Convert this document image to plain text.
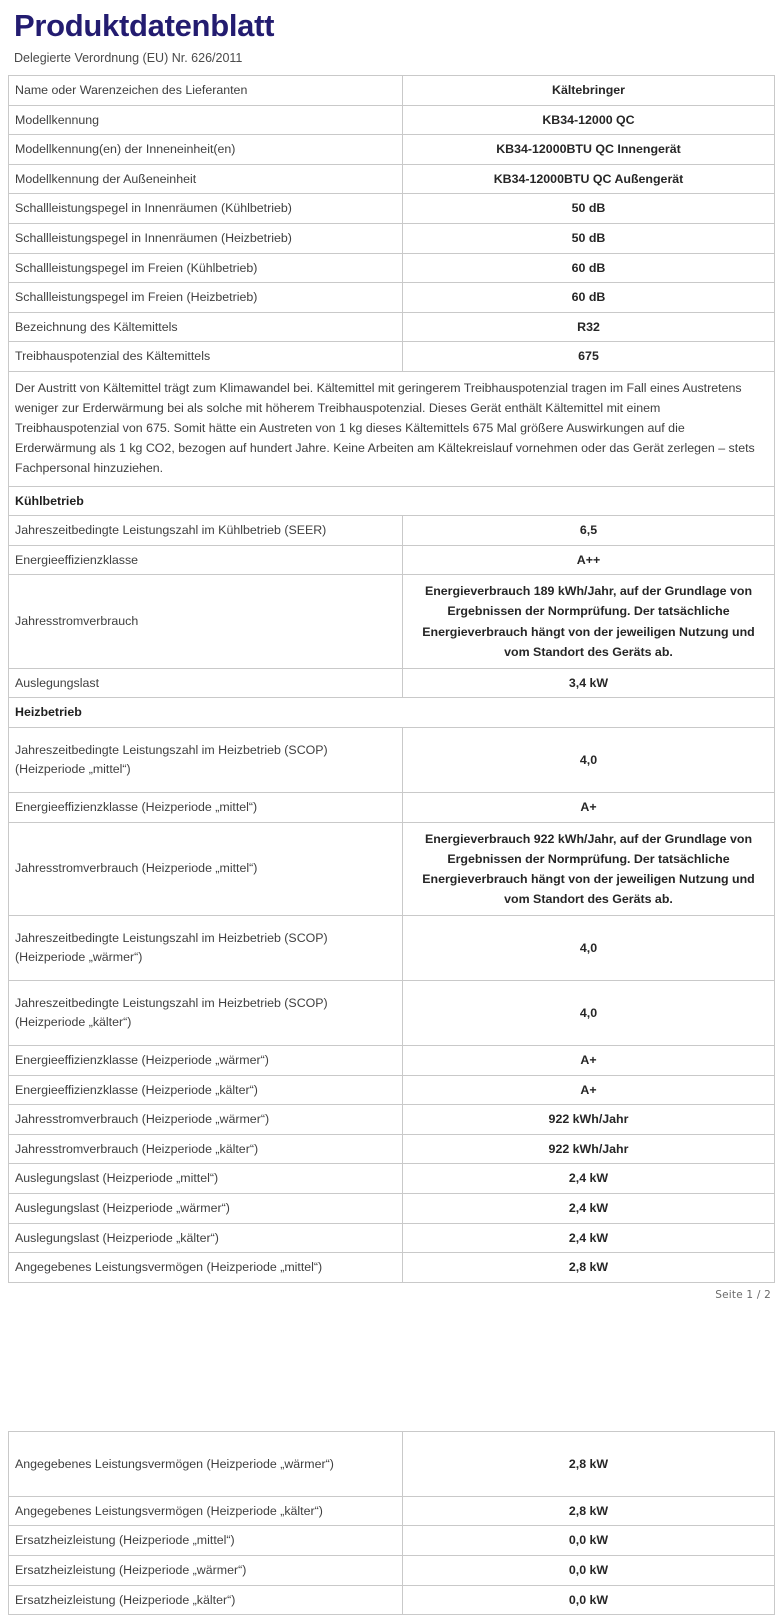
Produktdatenblatt
Delegierte Verordnung (EU) Nr. 626/2011
Name oder Warenzeichen des Lieferanten	Kältebringer
Modellkennung	KB34-12000 QC
Modellkennung(en) der Inneneinheit(en)	KB34-12000BTU QC Innengerät
Modellkennung der Außeneinheit	KB34-12000BTU QC Außengerät
Schallleistungspegel in Innenräumen (Kühlbetrieb)	50 dB
Schallleistungspegel in Innenräumen (Heizbetrieb)	50 dB
Schallleistungspegel im Freien (Kühlbetrieb)	60 dB
Schallleistungspegel im Freien (Heizbetrieb)	60 dB
Bezeichnung des Kältemittels	R32
Treibhauspotenzial des Kältemittels	675
Der Austritt von Kältemittel trägt zum Klimawandel bei. Kältemittel mit geringerem Treibhauspotenzial tragen im Fall eines Austretens weniger zur Erderwärmung bei als solche mit höherem Treibhauspotenzial. Dieses Gerät enthält Kältemittel mit einem Treibhauspotenzial von 675. Somit hätte ein Austreten von 1 kg dieses Kältemittels 675 Mal größere Auswirkungen auf die Erderwärmung als 1 kg CO2, bezogen auf hundert Jahre. Keine Arbeiten am Kältekreislauf vornehmen oder das Gerät zerlegen – stets Fachpersonal hinzuziehen.	
Kühlbetrieb	
Jahreszeitbedingte Leistungszahl im Kühlbetrieb (SEER)	6,5
Energieeffizienzklasse	A++
Jahresstromverbrauch	Energieverbrauch 189 kWh/Jahr, auf der Grundlage von Ergebnissen der Normprüfung. Der tatsächliche Energieverbrauch hängt von der jeweiligen Nutzung und vom Standort des Geräts ab.
Auslegungslast	3,4 kW
Heizbetrieb	
Jahreszeitbedingte Leistungszahl im Heizbetrieb (SCOP) (Heizperiode „mittel“)	4,0
Energieeffizienzklasse (Heizperiode „mittel“)	A+
Jahresstromverbrauch (Heizperiode „mittel“)	Energieverbrauch 922 kWh/Jahr, auf der Grundlage von Ergebnissen der Normprüfung. Der tatsächliche Energieverbrauch hängt von der jeweiligen Nutzung und vom Standort des Geräts ab.
Jahreszeitbedingte Leistungszahl im Heizbetrieb (SCOP) (Heizperiode „wärmer“)	4,0
Jahreszeitbedingte Leistungszahl im Heizbetrieb (SCOP) (Heizperiode „kälter“)	4,0
Energieeffizienzklasse (Heizperiode „wärmer“)	A+
Energieeffizienzklasse (Heizperiode „kälter“)	A+
Jahresstromverbrauch (Heizperiode „wärmer“)	922 kWh/Jahr
Jahresstromverbrauch (Heizperiode „kälter“)	922 kWh/Jahr
Auslegungslast (Heizperiode „mittel“)	2,4 kW
Auslegungslast (Heizperiode „wärmer“)	2,4 kW
Auslegungslast (Heizperiode „kälter“)	2,4 kW
Angegebenes Leistungsvermögen (Heizperiode „mittel“)	2,8 kW
Seite 1 / 2
Angegebenes Leistungsvermögen (Heizperiode „wärmer“)	2,8 kW
Angegebenes Leistungsvermögen (Heizperiode „kälter“)	2,8 kW
Ersatzheizleistung (Heizperiode „mittel“)	0,0 kW
Ersatzheizleistung (Heizperiode „wärmer“)	0,0 kW
Ersatzheizleistung (Heizperiode „kälter“)	0,0 kW
